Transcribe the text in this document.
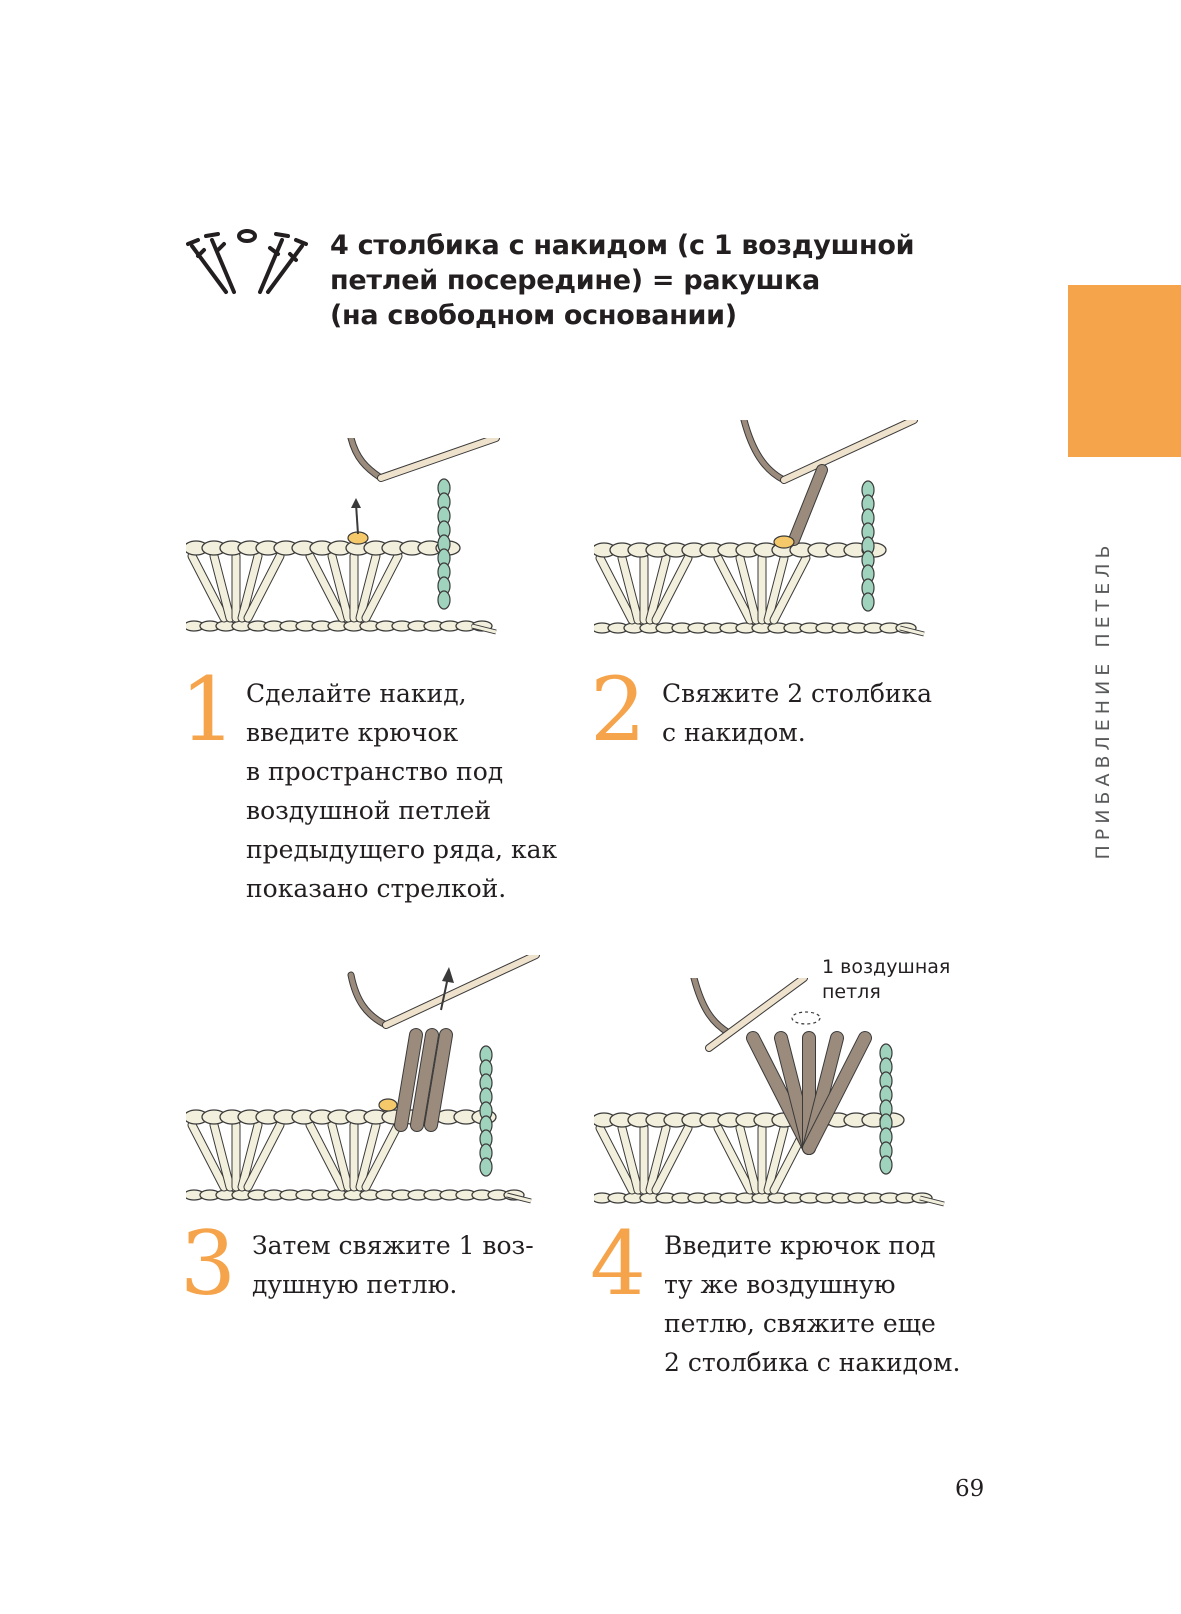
4 столбика с накидом (с 1 воздушной
петлей посередине) = ракушка
(на свободном основании)
ПРИБАВЛЕНИЕ ПЕТЕЛЬ
1 Сделайте накид,
введите крючок
в пространство под
воздушной петлей
предыдущего ряда, как
показано стрелкой.
2 Свяжите 2 столбика
с накидом.
3 Затем свяжите 1 воз-
душную петлю.	4 Введите крючок под
ту же воздушную
петлю, свяжите еще
2 столбика с накидом.
1 воздушная
петля
69
